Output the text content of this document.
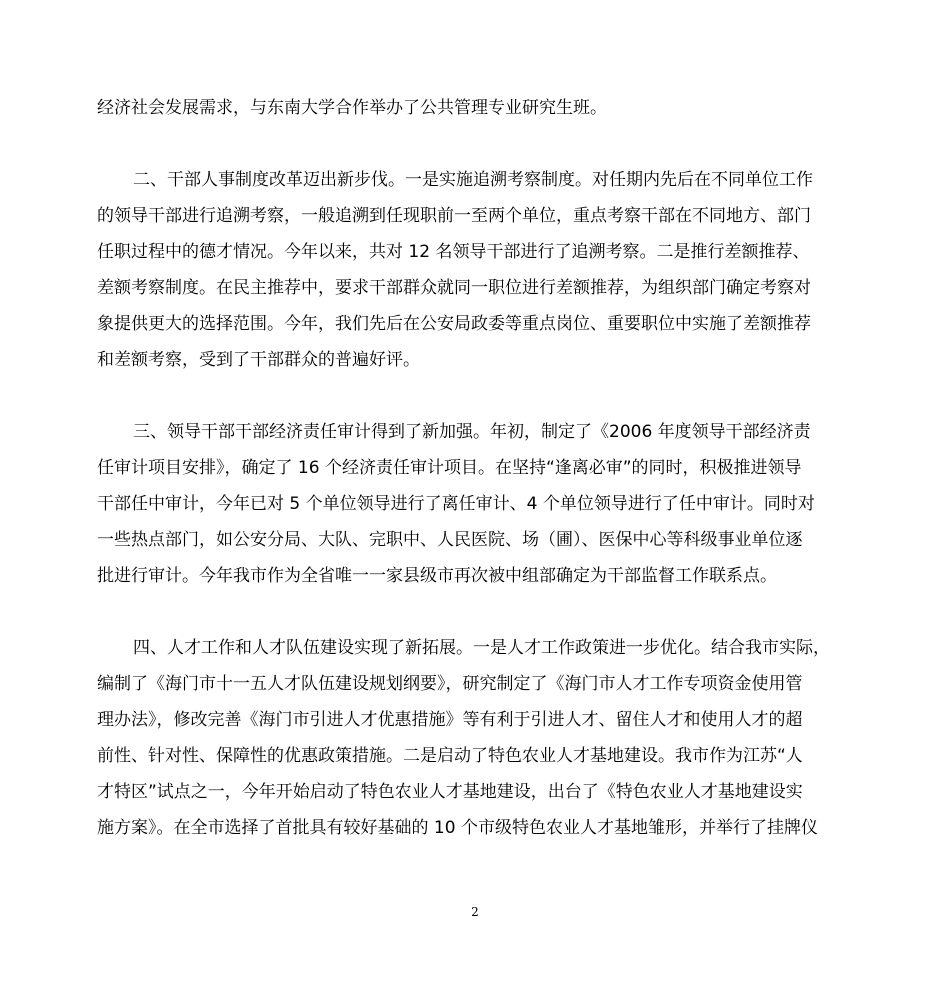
经济社会发展需求，与东南大学合作举办了公共管理专业研究生班。
二、干部人事制度改革迈出新步伐。一是实施追溯考察制度。对任期内先后在不同单位工作
的领导干部进行追溯考察，一般追溯到任现职前一至两个单位，重点考察干部在不同地方、部门
任职过程中的德才情况。今年以来，共对 12 名领导干部进行了追溯考察。二是推行差额推荐、
差额考察制度。在民主推荐中，要求干部群众就同一职位进行差额推荐，为组织部门确定考察对
象提供更大的选择范围。今年，我们先后在公安局政委等重点岗位、重要职位中实施了差额推荐
和差额考察，受到了干部群众的普遍好评。
三、领导干部干部经济责任审计得到了新加强。年初，制定了《2006 年度领导干部经济责
任审计项目安排》，确定了 16 个经济责任审计项目。在坚持“逢离必审”的同时，积极推进领导
干部任中审计，今年已对 5 个单位领导进行了离任审计、4 个单位领导进行了任中审计。同时对
一些热点部门，如公安分局、大队、完职中、人民医院、场（圃）、医保中心等科级事业单位逐
批进行审计。今年我市作为全省唯一一家县级市再次被中组部确定为干部监督工作联系点。
四、人才工作和人才队伍建设实现了新拓展。一是人才工作政策进一步优化。结合我市实际，
编制了《海门市十一五人才队伍建设规划纲要》，研究制定了《海门市人才工作专项资金使用管
理办法》，修改完善《海门市引进人才优惠措施》等有利于引进人才、留住人才和使用人才的超
前性、针对性、保障性的优惠政策措施。二是启动了特色农业人才基地建设。我市作为江苏“人
才特区”试点之一，今年开始启动了特色农业人才基地建设，出台了《特色农业人才基地建设实
施方案》。在全市选择了首批具有较好基础的 10 个市级特色农业人才基地雏形，并举行了挂牌仪
2
